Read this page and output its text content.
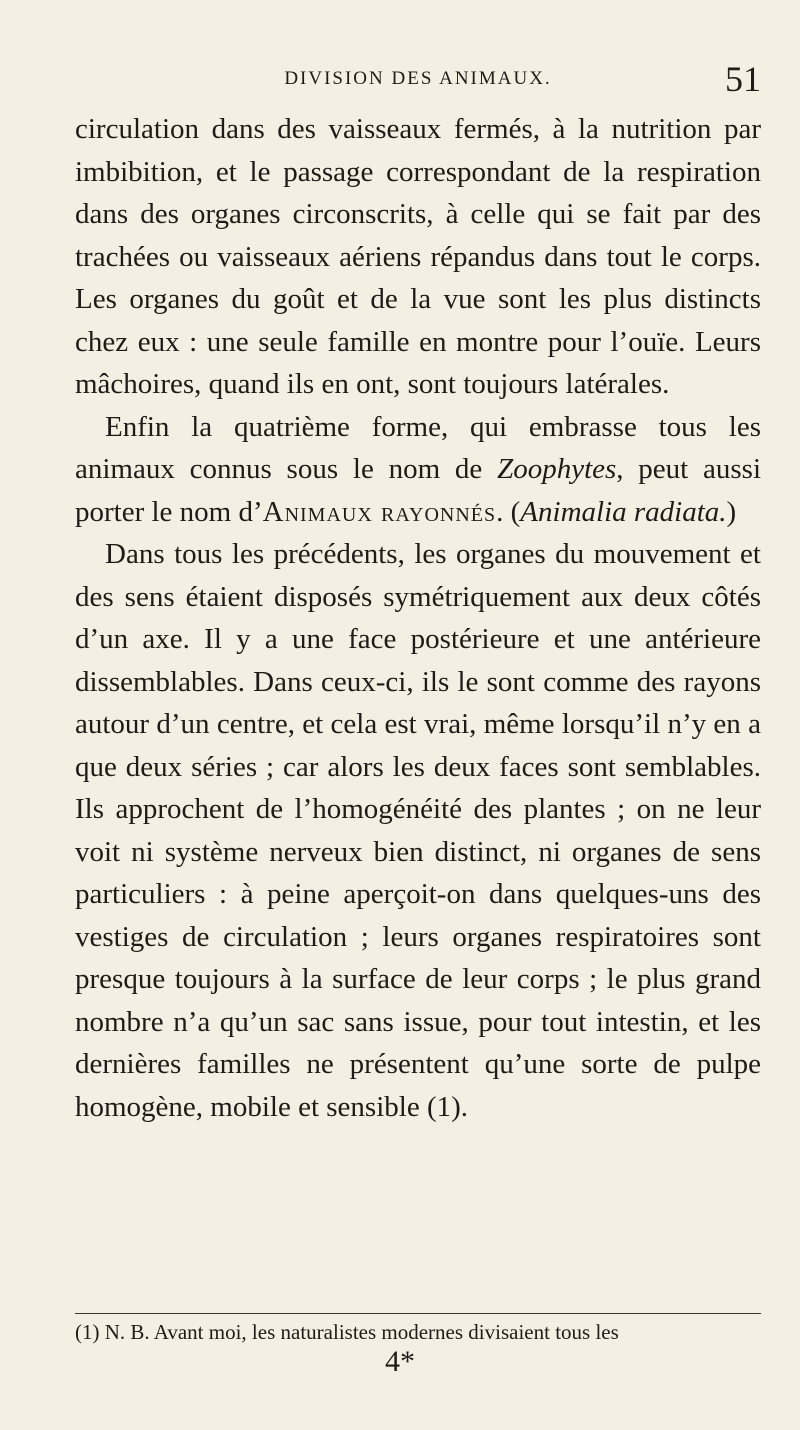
DIVISION DES ANIMAUX.	51

circulation dans des vaisseaux fermés, à la nutrition par imbibition, et le passage correspondant de la respiration dans des organes circonscrits, à celle qui se fait par des trachées ou vaisseaux aériens répandus dans tout le corps. Les organes du goût et de la vue sont les plus distincts chez eux : une seule famille en montre pour l’ouïe. Leurs mâchoires, quand ils en ont, sont toujours latérales.

Enfin la quatrième forme, qui embrasse tous les animaux connus sous le nom de Zoophytes, peut aussi porter le nom d’Animaux rayonnés. (Animalia radiata.)

Dans tous les précédents, les organes du mouvement et des sens étaient disposés symétriquement aux deux côtés d’un axe. Il y a une face postérieure et une antérieure dissemblables. Dans ceux-ci, ils le sont comme des rayons autour d’un centre, et cela est vrai, même lorsqu’il n’y en a que deux séries ; car alors les deux faces sont semblables. Ils approchent de l’homogénéité des plantes ; on ne leur voit ni système nerveux bien distinct, ni organes de sens particuliers : à peine aperçoit-on dans quelques-uns des vestiges de circulation ; leurs organes respiratoires sont presque toujours à la surface de leur corps ; le plus grand nombre n’a qu’un sac sans issue, pour tout intestin, et les dernières familles ne présentent qu’une sorte de pulpe homogène, mobile et sensible (1).

(1) N. B. Avant moi, les naturalistes modernes divisaient tous les
4*
